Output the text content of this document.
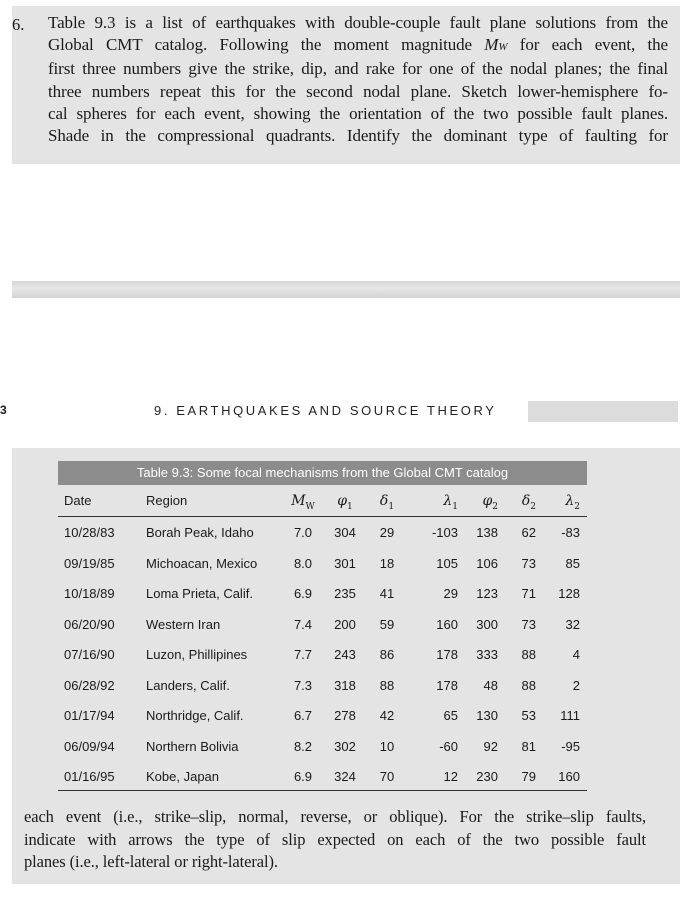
6. Table 9.3 is a list of earthquakes with double-couple fault plane solutions from the
Global CMT catalog. Following the moment magnitude MW for each event, the
first three numbers give the strike, dip, and rake for one of the nodal planes; the final
three numbers repeat this for the second nodal plane. Sketch lower-hemisphere fo-
cal spheres for each event, showing the orientation of the two possible fault planes.
Shade in the compressional quadrants. Identify the dominant type of faulting for
3	9. EARTHQUAKES AND SOURCE THEORY
Table 9.3: Some focal mechanisms from the Global CMT catalog
Date	Region	$M_W$	$\varphi_1$	$\delta_1$	$\lambda_1$	$\varphi_2$	$\delta_2$	$\lambda_2$
10/28/83 Borah Peak, Idaho	7.0	304	29	-103	138	62	-83
09/19/85 Michoacan, Mexico	8.0	301	18	105	106	73	85
10/18/89 Loma Prieta, Calif.	6.9	235	41	29	123	71	128
06/20/90 Western Iran	7.4	200	59	160	300	73	32
07/16/90 Luzon, Phillipines	7.7	243	86	178	333	88	4
06/28/92 Landers, Calif.	7.3	318	88	178	48	88	2
01/17/94 Northridge, Calif.	6.7	278	42	65	130	53	111
06/09/94 Northern Bolivia	8.2	302	10	-60	92	81	-95
01/16/95 Kobe, Japan	6.9	324	70	12	230	79	160
each event (i.e., strike–slip, normal, reverse, or oblique). For the strike–slip faults,
indicate with arrows the type of slip expected on each of the two possible fault
planes (i.e., left-lateral or right-lateral).
